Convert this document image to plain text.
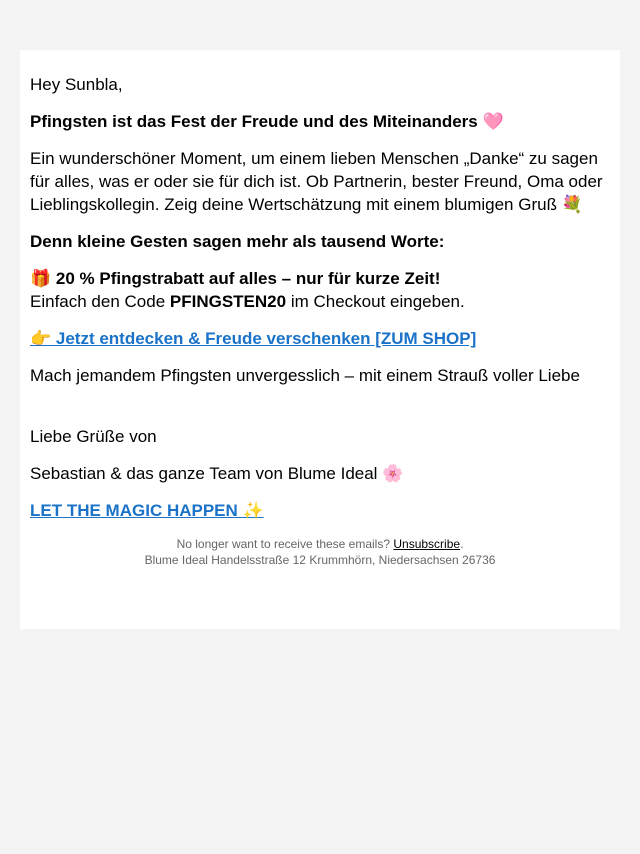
Hey Sunbla,

Pfingsten ist das Fest der Freude und des Miteinanders 🩷

Ein wunderschöner Moment, um einem lieben Menschen „Danke“ zu sagen für alles, was er oder sie für dich ist. Ob Partnerin, bester Freund, Oma oder Lieblingskollegin. Zeig deine Wertschätzung mit einem blumigen Gruß 💐

Denn kleine Gesten sagen mehr als tausend Worte:

🎁 20 % Pfingstrabatt auf alles – nur für kurze Zeit!
Einfach den Code PFINGSTEN20 im Checkout eingeben.

👉 Jetzt entdecken & Freude verschenken [ZUM SHOP]

Mach jemandem Pfingsten unvergesslich – mit einem Strauß voller Liebe

Liebe Grüße von

Sebastian & das ganze Team von Blume Ideal 🌸

LET THE MAGIC HAPPEN ✨

No longer want to receive these emails? Unsubscribe.
Blume Ideal Handelsstraße 12 Krummhörn, Niedersachsen 26736
